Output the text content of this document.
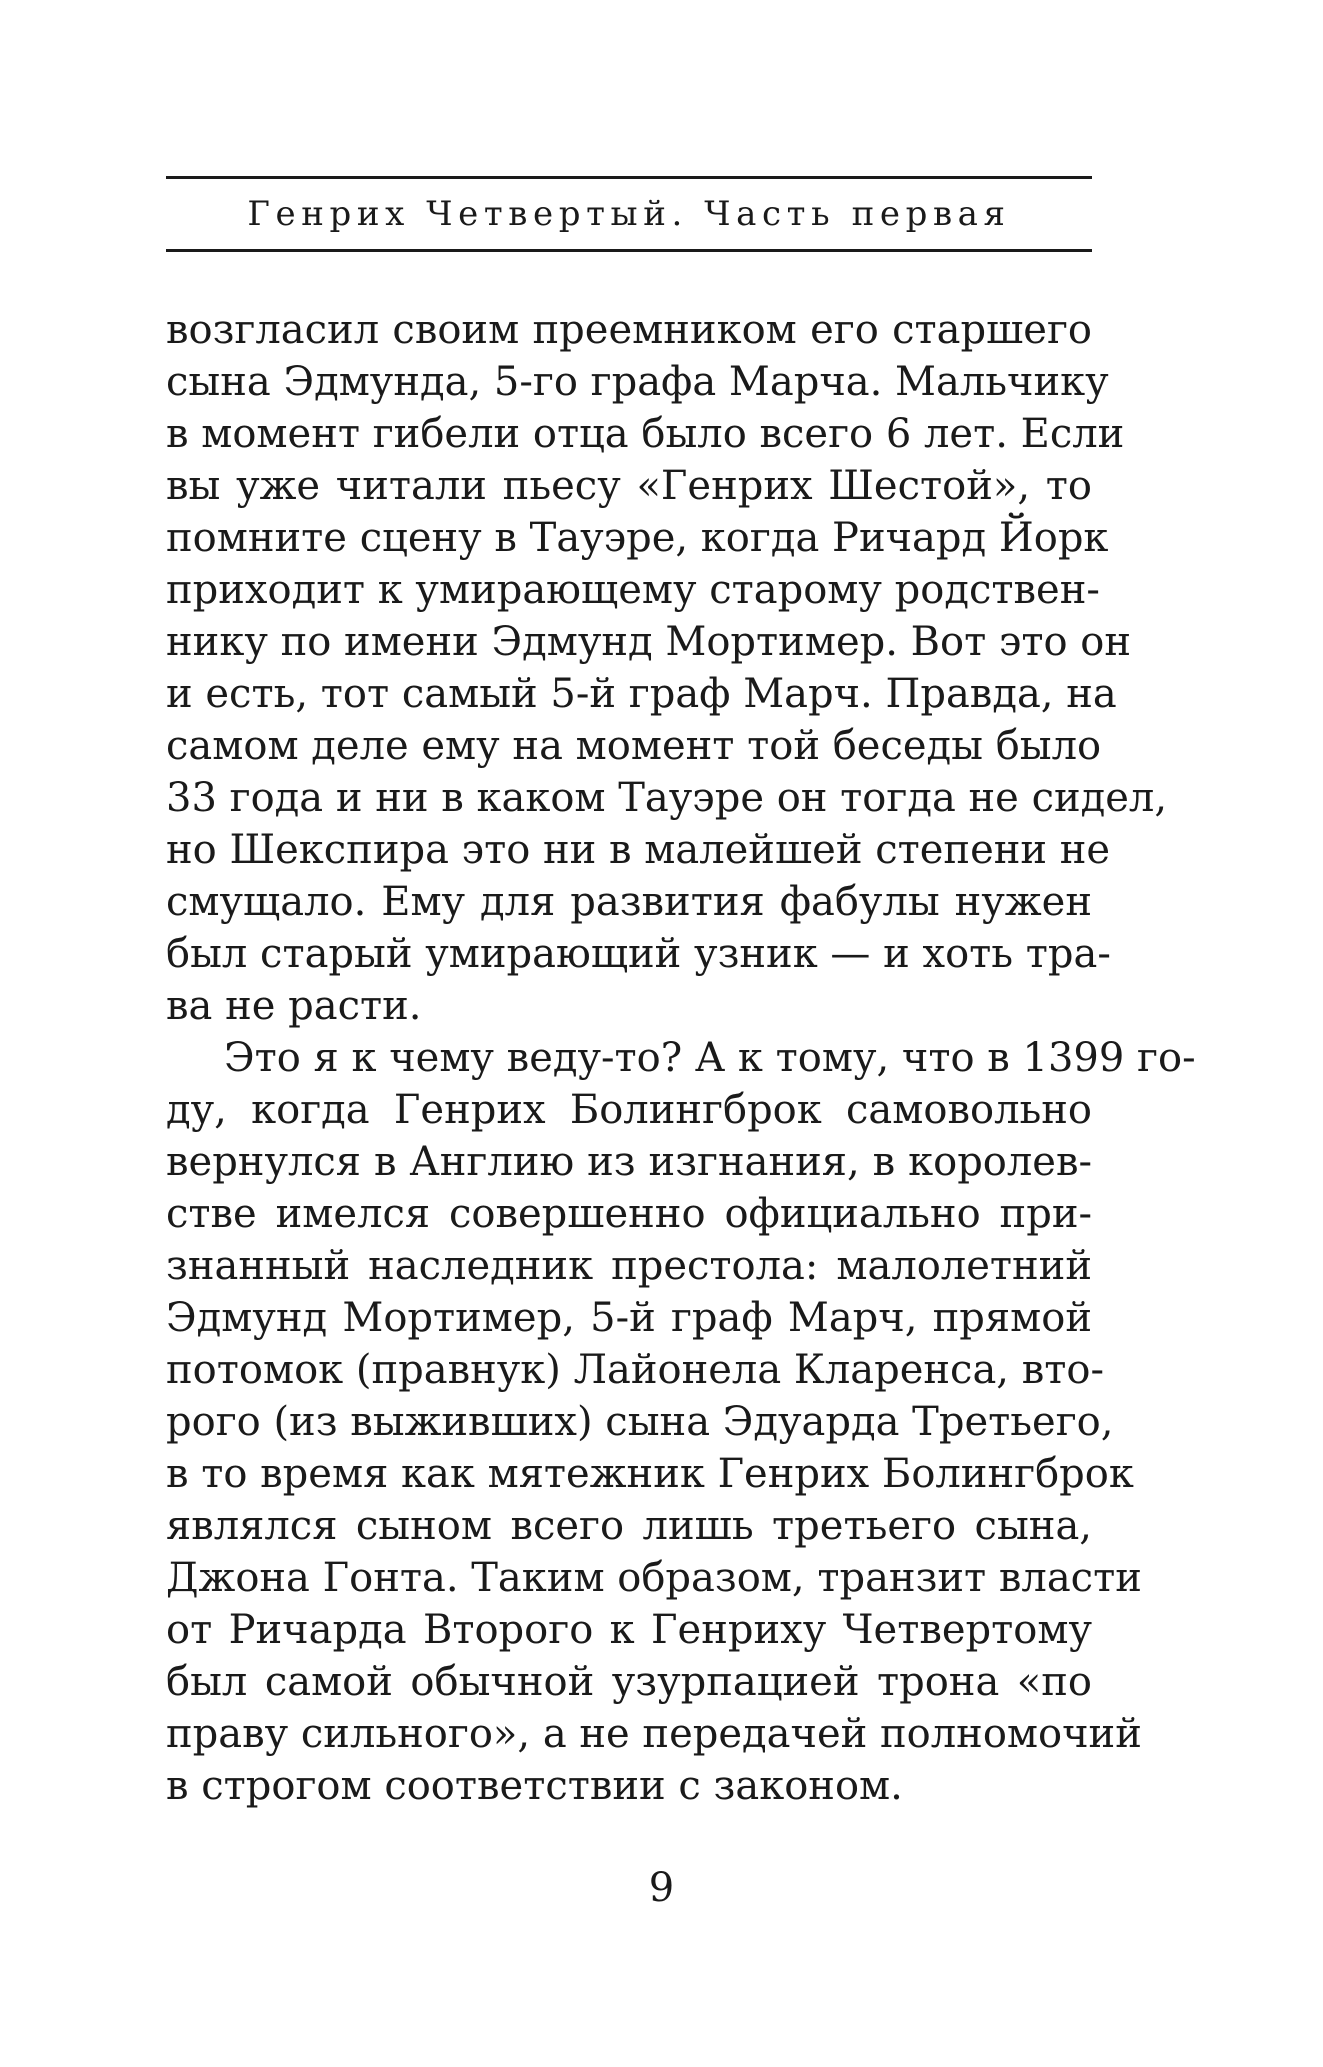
Генрих Четвертый. Часть первая
возгласил своим преемником его старшего
сына Эдмунда, 5-го графа Марча. Мальчику
в момент гибели отца было всего 6 лет. Если
вы уже читали пьесу «Генрих Шестой», то
помните сцену в Тауэре, когда Ричард Йорк
приходит к умирающему старому родствен-
нику по имени Эдмунд Мортимер. Вот это он
и есть, тот самый 5-й граф Марч. Правда, на
самом деле ему на момент той беседы было
33 года и ни в каком Тауэре он тогда не сидел,
но Шекспира это ни в малейшей степени не
смущало. Ему для развития фабулы нужен
был старый умирающий узник — и хоть тра-
ва не расти.
Это я к чему веду-то? А к тому, что в 1399 го-
ду, когда Генрих Болингброк самовольно
вернулся в Англию из изгнания, в королев-
стве имелся совершенно официально при-
знанный наследник престола: малолетний
Эдмунд Мортимер, 5-й граф Марч, прямой
потомок (правнук) Лайонела Кларенса, вто-
рого (из выживших) сына Эдуарда Третьего,
в то время как мятежник Генрих Болингброк
являлся сыном всего лишь третьего сына,
Джона Гонта. Таким образом, транзит власти
от Ричарда Второго к Генриху Четвертому
был самой обычной узурпацией трона «по
праву сильного», а не передачей полномочий
в строгом соответствии с законом.
9
